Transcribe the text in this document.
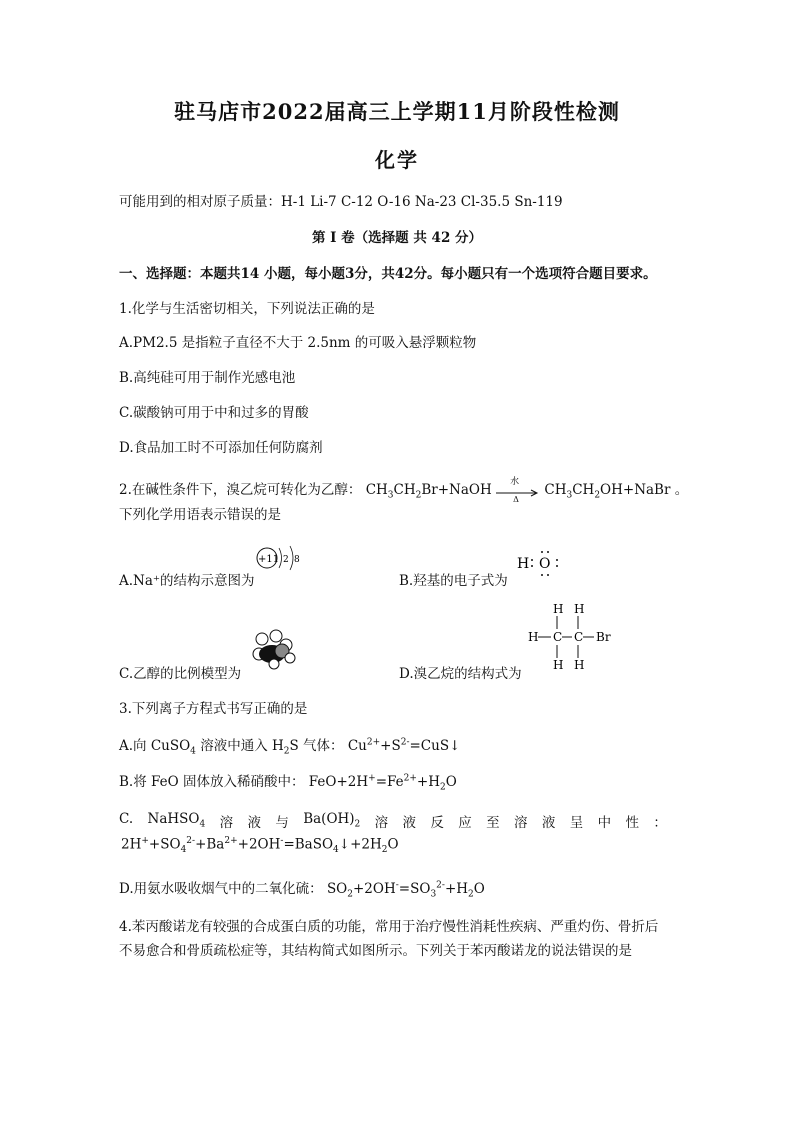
驻马店市2022届高三上学期11月阶段性检测
化学
可能用到的相对原子质量：H-1 Li-7 C-12 O-16 Na-23 Cl-35.5 Sn-119
第 I 卷（选择题 共 42 分）
一、选择题：本题共14 小题，每小题3分，共42分。每小题只有一个选项符合题目要求。
1.化学与生活密切相关，下列说法正确的是
A.PM2.5 是指粒子直径不大于 2.5nm 的可吸入悬浮颗粒物
B.高纯硅可用于制作光感电池
C.碳酸钠可用于中和过多的胃酸
D.食品加工时不可添加任何防腐剂
2.在碱性条件下，溴乙烷可转化为乙醇： $CH_3CH_2Br+NaOH$
水
Δ
$CH_3CH_2OH+NaBr$ 。
下列化学用语表示错误的是
+11 2 8
A.Na⁺的结构示意图为	B.羟基的电子式为
H O
C.乙醇的比例模型为	D.溴乙烷的结构式为
H H
H C C Br
H H
3.下列离子方程式书写正确的是
A.向 CuSO$_4$ 溶液中通入 $H_2S$ 气体： $Cu^{2+}+S^{2-}=CuS↓$
B.将 FeO 固体放入稀硝酸中： $FeO+2H^+=Fe^{2+}+H_2O$
C. NaHSO$_4$ 溶 液 与 $Ba(OH)_2$ 溶 液 反 应 至 溶 液 呈 中 性 ：
$2H^++SO_4^{2-}+Ba^{2+}+2OH^-=BaSO_4↓+2H_2O$
D.用氨水吸收烟气中的二氧化硫： $SO_2+2OH^-=SO_3^{2-}+H_2O$
4.苯丙酸诺龙有较强的合成蛋白质的功能，常用于治疗慢性消耗性疾病、严重灼伤、骨折后
不易愈合和骨质疏松症等，其结构简式如图所示。下列关于苯丙酸诺龙的说法错误的是
